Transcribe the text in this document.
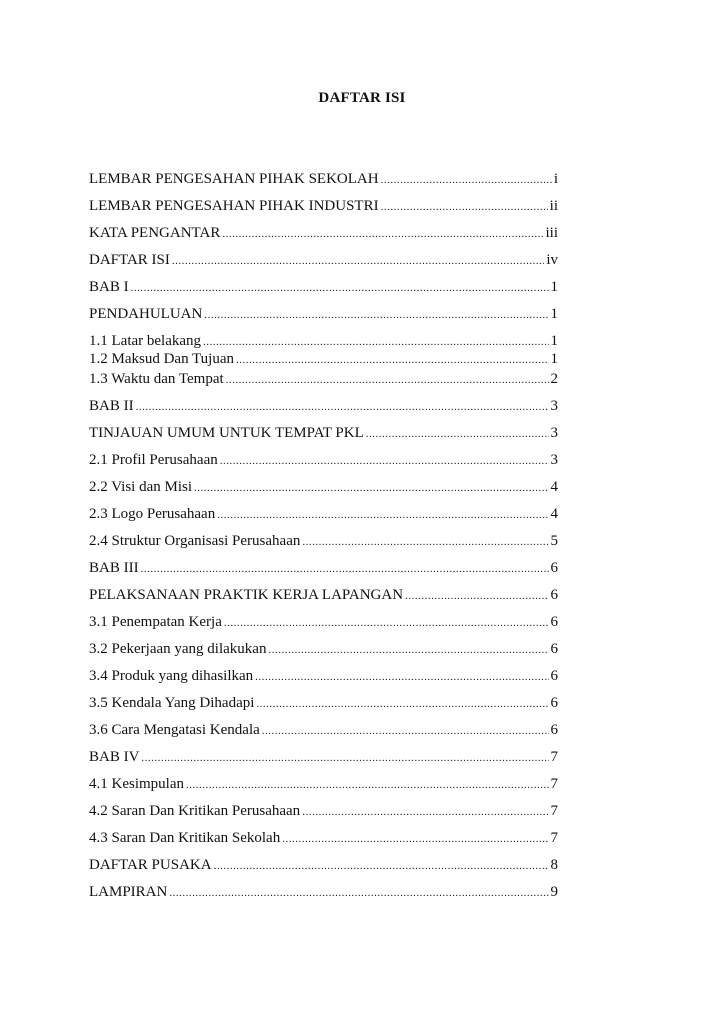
DAFTAR ISI
LEMBAR PENGESAHAN PIHAK SEKOLAH .....	i
LEMBAR PENGESAHAN PIHAK INDUSTRI .....	ii
KATA PENGANTAR .....	iii
DAFTAR ISI .....	iv
BAB I .....	1
PENDAHULUAN .....	1
1.1 Latar belakang .....	1
1.2 Maksud Dan Tujuan .....	1
1.3 Waktu dan Tempat .....	2
BAB II .....	3
TINJAUAN UMUM UNTUK TEMPAT PKL .....	3
2.1 Profil Perusahaan .....	3
2.2 Visi dan Misi .....	4
2.3 Logo Perusahaan .....	4
2.4 Struktur Organisasi Perusahaan .....	5
BAB III .....	6
PELAKSANAAN PRAKTIK KERJA LAPANGAN .....	6
3.1 Penempatan Kerja .....	6
3.2 Pekerjaan yang dilakukan .....	6
3.4 Produk yang dihasilkan .....	6
3.5 Kendala Yang Dihadapi .....	6
3.6 Cara Mengatasi Kendala .....	6
BAB IV .....	7
4.1 Kesimpulan .....	7
4.2 Saran Dan Kritikan Perusahaan .....	7
4.3 Saran Dan Kritikan Sekolah .....	7
DAFTAR PUSAKA .....	8
LAMPIRAN .....	9
